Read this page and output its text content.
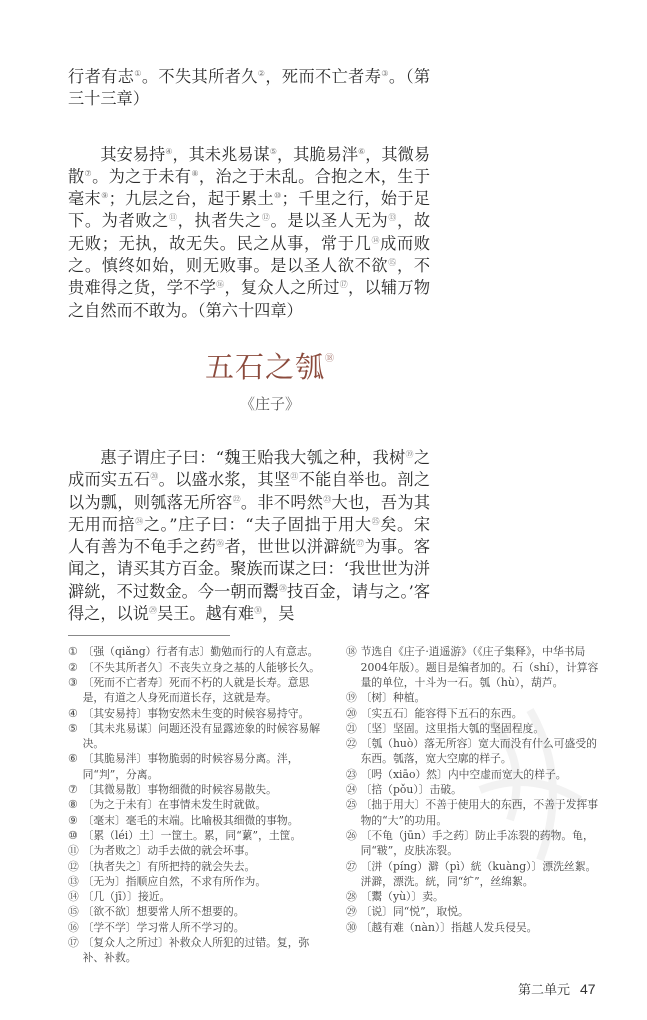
行者有志①。不失其所者久②，死而不亡者寿③。（第三十三章）

其安易持④，其未兆易谋⑤，其脆易泮⑥，其微易散⑦。为之于未有⑧，治之于未乱。合抱之木，生于毫末⑨；九层之台，起于累土⑩；千里之行，始于足下。为者败之⑪，执者失之⑫。是以圣人无为⑬，故无败；无执，故无失。民之从事，常于几⑭成而败之。慎终如始，则无败事。是以圣人欲不欲⑮，不贵难得之货，学不学⑯，复众人之所过⑰，以辅万物之自然而不敢为。（第六十四章）

五石之瓠⑱
《庄子》

惠子谓庄子曰：“魏王贻我大瓠之种，我树⑲之成而实五石⑳。以盛水浆，其坚$^㉑$不能自举也。剖之以为瓢，则瓠落无所容$^㉒$。非不呺然$^㉓$大也，吾为其无用而掊$^㉔$之。”庄子曰：“夫子固拙于用大$^㉕$矣。宋人有善为不龟手之药$^㉖$者，世世以洴澼絖$^㉗$为事。客闻之，请买其方百金。聚族而谋之曰：‘我世世为洴澼絖，不过数金。今一朝而鬻$^㉘$技百金，请与之。’客得之，以说$^㉙$吴王。越有难$^㉚$，吴

① 〔强（qiǎng）行者有志〕勤勉而行的人有意志。
② 〔不失其所者久〕不丧失立身之基的人能够长久。
③ 〔死而不亡者寿〕死而不朽的人就是长寿。意思是，有道之人身死而道长存，这就是寿。
④ 〔其安易持〕事物安然未生变的时候容易持守。
⑤ 〔其未兆易谋〕问题还没有显露迹象的时候容易解决。
⑥ 〔其脆易泮〕事物脆弱的时候容易分离。泮，同“判”，分离。
⑦ 〔其微易散〕事物细微的时候容易散失。
⑧ 〔为之于未有〕在事情未发生时就做。
⑨ 〔毫末〕毫毛的末端。比喻极其细微的事物。
⑩ 〔累（léi）土〕一筐土。累，同“蔂”，土筐。
⑪ 〔为者败之〕动手去做的就会坏事。
⑫ 〔执者失之〕有所把持的就会失去。
⑬ 〔无为〕指顺应自然，不求有所作为。
⑭ 〔几（jī）〕接近。
⑮ 〔欲不欲〕想要常人所不想要的。
⑯ 〔学不学〕学习常人所不学习的。
⑰ 〔复众人之所过〕补救众人所犯的过错。复，弥补、补救。
⑱ 节选自《庄子·逍遥游》（《庄子集释》，中华书局2004年版）。题目是编者加的。石（shí），计算容量的单位，十斗为一石。瓠（hù），葫芦。
⑲ 〔树〕种植。
⑳ 〔实五石〕能容得下五石的东西。
㉑ 〔坚〕坚固。这里指大瓠的坚固程度。
㉒ 〔瓠（huò）落无所容〕宽大而没有什么可盛受的东西。瓠落，宽大空廓的样子。
㉓ 〔呺（xiāo）然〕内中空虚而宽大的样子。
㉔ 〔掊（pǒu）〕击破。
㉕ 〔拙于用大〕不善于使用大的东西，不善于发挥事物的“大”的功用。
㉖ 〔不龟（jūn）手之药〕防止手冻裂的药物。龟，同“皲”，皮肤冻裂。
㉗ 〔洴（píng）澼（pì）絖（kuàng）〕漂洗丝絮。洴澼，漂洗。絖，同“纩”，丝绵絮。
㉘ 〔鬻（yù）〕卖。
㉙ 〔说〕同“悦”，取悦。
㉚ 〔越有难（nàn）〕指越人发兵侵吴。
第二单元 47
